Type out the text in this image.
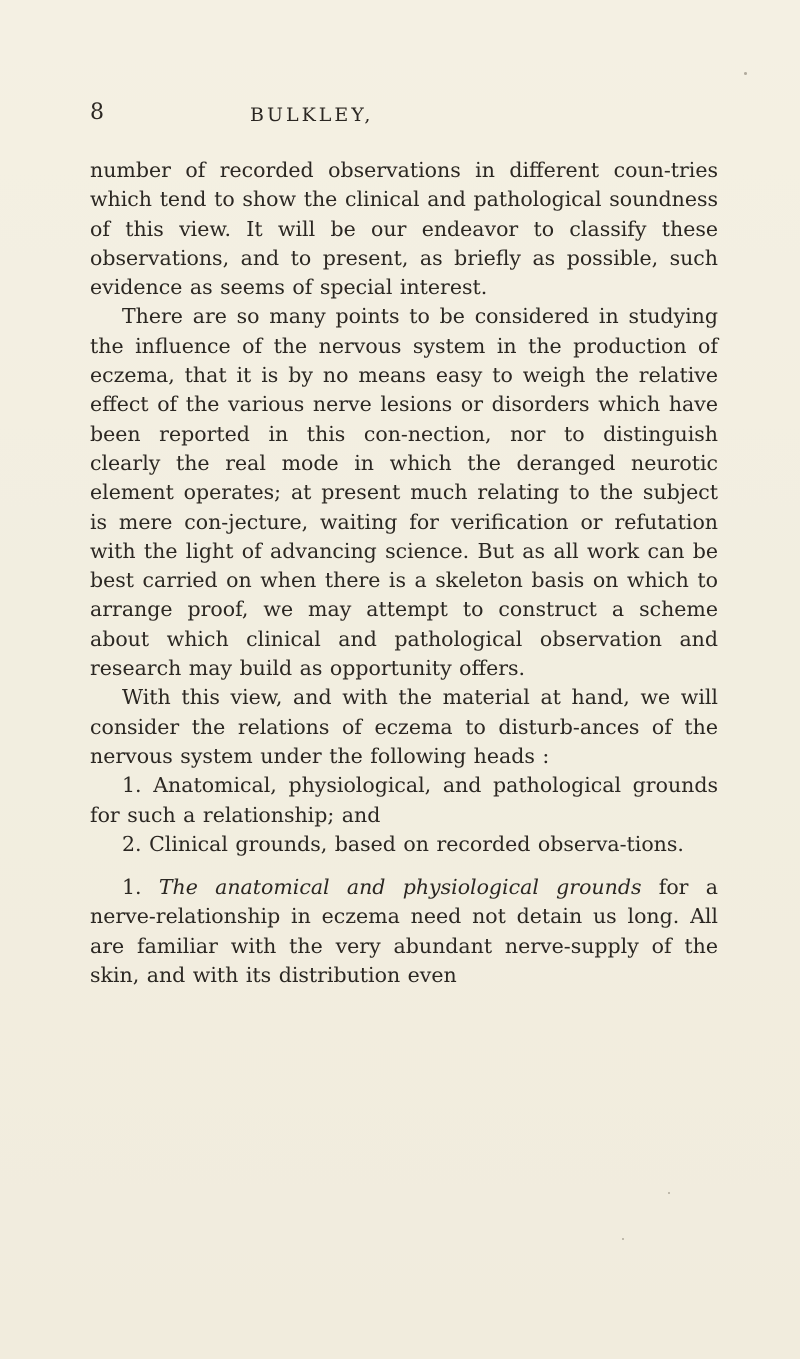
8	BULKLEY,

number of recorded observations in different coun-tries which tend to show the clinical and pathological soundness of this view. It will be our endeavor to classify these observations, and to present, as briefly as possible, such evidence as seems of special interest.

There are so many points to be considered in studying the influence of the nervous system in the production of eczema, that it is by no means easy to weigh the relative effect of the various nerve lesions or disorders which have been reported in this con-nection, nor to distinguish clearly the real mode in which the deranged neurotic element operates; at present much relating to the subject is mere con-jecture, waiting for verification or refutation with the light of advancing science. But as all work can be best carried on when there is a skeleton basis on which to arrange proof, we may attempt to construct a scheme about which clinical and pathological observation and research may build as opportunity offers.

With this view, and with the material at hand, we will consider the relations of eczema to disturb-ances of the nervous system under the following heads :

1. Anatomical, physiological, and pathological grounds for such a relationship; and

2. Clinical grounds, based on recorded observa-tions.

1. The anatomical and physiological grounds for a nerve-relationship in eczema need not detain us long. All are familiar with the very abundant nerve-supply of the skin, and with its distribution even
